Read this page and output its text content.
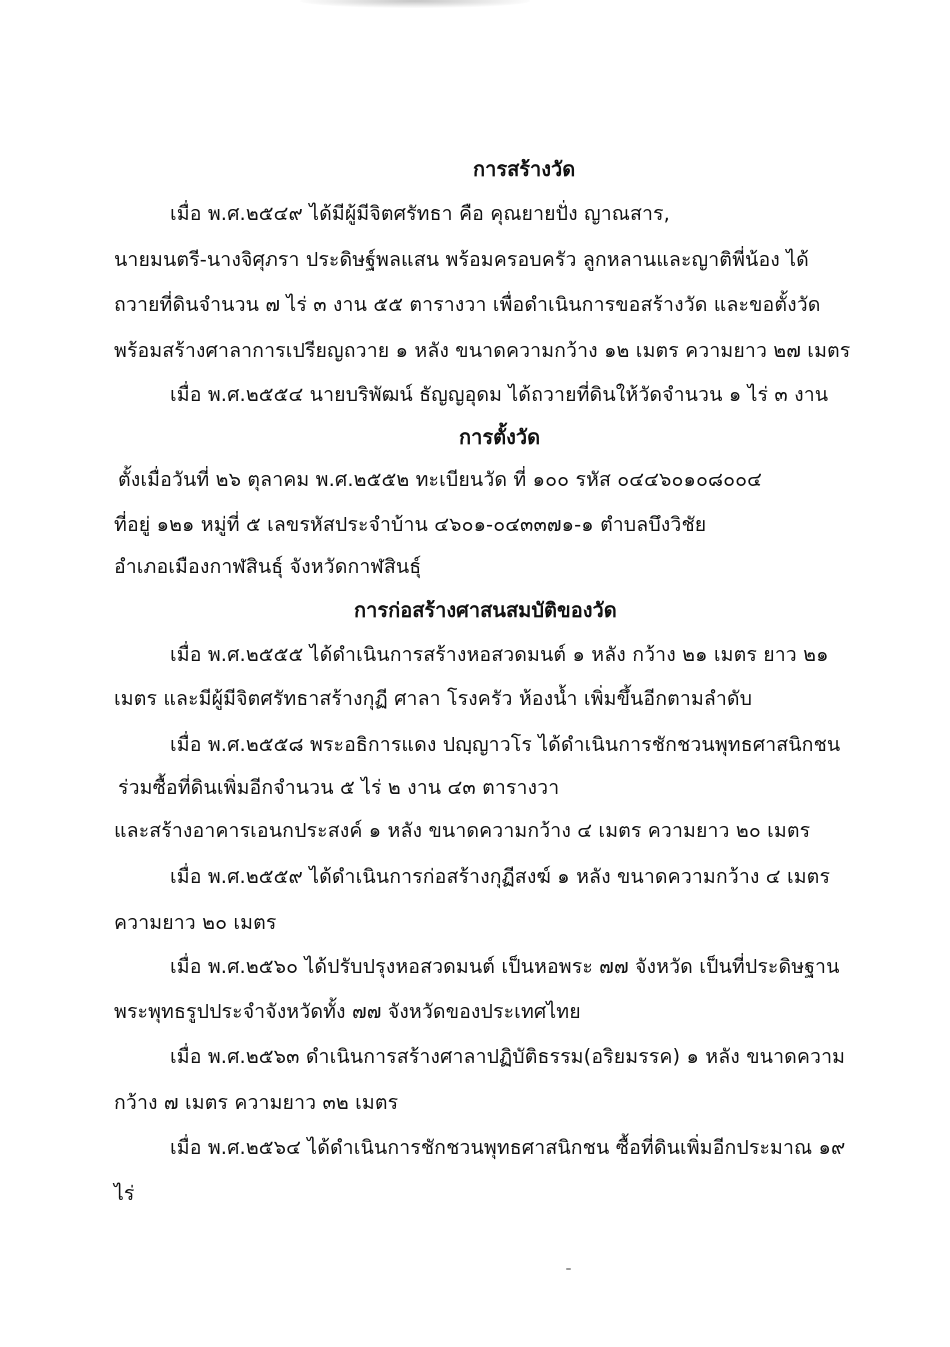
การสร้างวัด
เมื่อ พ.ศ.๒๕๔๙ ได้มีผู้มีจิตศรัทธา คือ คุณยายปั่ง ญาณสาร,
นายมนตรี-นางจิศุภรา ประดิษฐ์พลแสน พร้อมครอบครัว ลูกหลานและญาติพี่น้อง ได้
ถวายที่ดินจำนวน ๗ ไร่ ๓ งาน ๕๕ ตารางวา เพื่อดำเนินการขอสร้างวัด และขอตั้งวัด
พร้อมสร้างศาลาการเปรียญถวาย ๑ หลัง ขนาดความกว้าง ๑๒ เมตร ความยาว ๒๗ เมตร
เมื่อ พ.ศ.๒๕๕๔ นายบริพัฒน์ ธัญญอุดม ได้ถวายที่ดินให้วัดจำนวน ๑ ไร่ ๓ งาน
การตั้งวัด
ตั้งเมื่อวันที่ ๒๖ ตุลาคม พ.ศ.๒๕๕๒ ทะเบียนวัด ที่ ๑๐๐ รหัส ๐๔๔๖๐๑๐๘๐๐๔
ที่อยู่ ๑๒๑ หมู่ที่ ๕ เลขรหัสประจำบ้าน ๔๖๐๑-๐๔๓๓๗๑-๑ ตำบลบึงวิชัย
อำเภอเมืองกาฬสินธุ์ จังหวัดกาฬสินธุ์
การก่อสร้างศาสนสมบัติของวัด
เมื่อ พ.ศ.๒๕๕๕ ได้ดำเนินการสร้างหอสวดมนต์ ๑ หลัง กว้าง ๒๑ เมตร ยาว ๒๑
เมตร และมีผู้มีจิตศรัทธาสร้างกุฏี ศาลา โรงครัว ห้องน้ำ เพิ่มขึ้นอีกตามลำดับ
เมื่อ พ.ศ.๒๕๕๘ พระอธิการแดง ปญฺญาวโร ได้ดำเนินการชักชวนพุทธศาสนิกชน
ร่วมซื้อที่ดินเพิ่มอีกจำนวน ๕ ไร่ ๒ งาน ๔๓ ตารางวา
และสร้างอาคารเอนกประสงค์ ๑ หลัง ขนาดความกว้าง ๔ เมตร ความยาว ๒๐ เมตร
เมื่อ พ.ศ.๒๕๕๙ ได้ดำเนินการก่อสร้างกุฏีสงฆ์ ๑ หลัง ขนาดความกว้าง ๔ เมตร
ความยาว ๒๐ เมตร
เมื่อ พ.ศ.๒๕๖๐ ได้ปรับปรุงหอสวดมนต์ เป็นหอพระ ๗๗ จังหวัด เป็นที่ประดิษฐาน
พระพุทธรูปประจำจังหวัดทั้ง ๗๗ จังหวัดของประเทศไทย
เมื่อ พ.ศ.๒๕๖๓ ดำเนินการสร้างศาลาปฏิบัติธรรม(อริยมรรค) ๑ หลัง ขนาดความ
กว้าง ๗ เมตร ความยาว ๓๒ เมตร
เมื่อ พ.ศ.๒๕๖๔ ได้ดำเนินการชักชวนพุทธศาสนิกชน ซื้อที่ดินเพิ่มอีกประมาณ ๑๙
ไร่
